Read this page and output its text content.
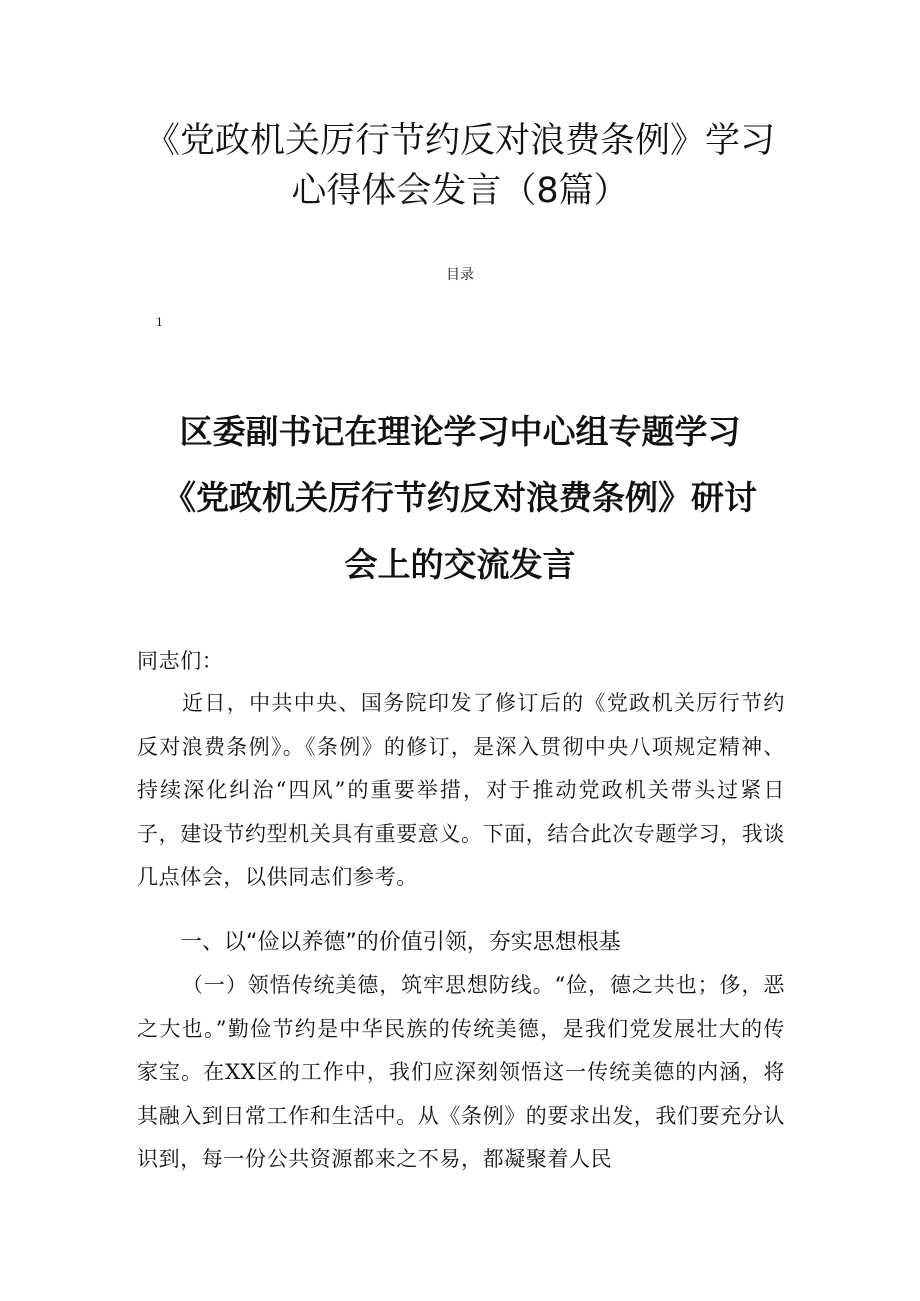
《党政机关厉行节约反对浪费条例》学习
心得体会发言（8篇）
目录
1
区委副书记在理论学习中心组专题学习
《党政机关厉行节约反对浪费条例》研讨
会上的交流发言

同志们：

近日，中共中央、国务院印发了修订后的《党政机关厉行节约反对浪费条例》。《条例》的修订，是深入贯彻中央八项规定精神、持续深化纠治“四风”的重要举措，对于推动党政机关带头过紧日子，建设节约型机关具有重要意义。下面，结合此次专题学习，我谈几点体会，以供同志们参考。

一、以“俭以养德”的价值引领，夯实思想根基

（一）领悟传统美德，筑牢思想防线。“俭，德之共也；侈，恶之大也。”勤俭节约是中华民族的传统美德，是我们党发展壮大的传家宝。在XX区的工作中，我们应深刻领悟这一传统美德的内涵，将其融入到日常工作和生活中。从《条例》的要求出发，我们要充分认识到，每一份公共资源都来之不易，都凝聚着人民
